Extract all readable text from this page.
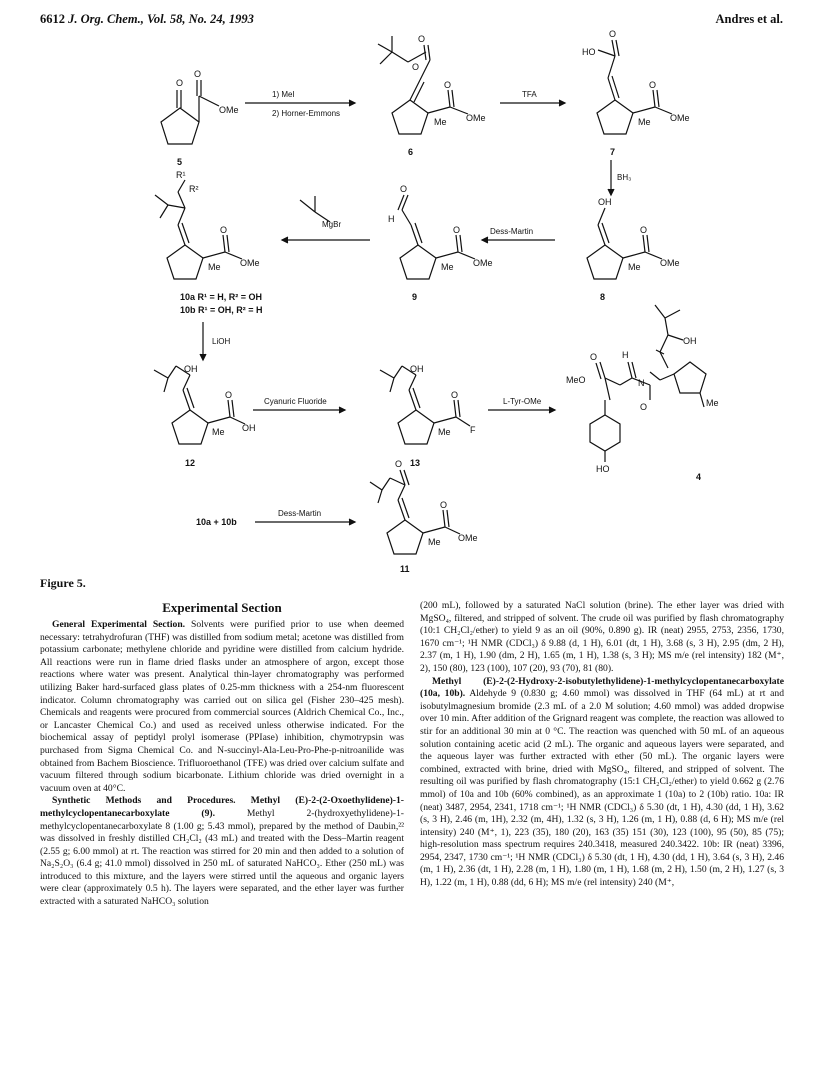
6612 J. Org. Chem., Vol. 58, No. 24, 1993	Andres et al.
O
O
OMe
O
O
O
OMe
Me
HO
O
O
OMe
Me
OH
O
OMe
Me
O
H
O
OMe
Me
R¹
R²
O
OMe
Me
OH
O
OH
Me
OH
O
F
Me
OH
H
N
O	Me
MeO
O
HO
O
O
OMe
Me
1) MeI
2) Horner-Emmons
TFA
BH₃
Dess-Martin
MgBr
LiOH
Cyanuric Fluoride	L-Tyr-OMe
Dess-Martin
10a + 10b
5
6	7
8
9
10a R¹ = H, R² = OH
10b R¹ = OH, R² = H
12	13
4
11
Figure 5.
Experimental Section

General Experimental Section. Solvents were purified prior to use when deemed necessary: tetrahydrofuran (THF) was distilled from sodium metal; acetone was distilled from potassium carbonate; methylene chloride and pyridine were distilled from calcium hydride. All reactions were run in flame dried flasks under an atmosphere of argon, except those reactions where water was present. Analytical thin-layer chromatography was performed utilizing Baker hard-surfaced glass plates of 0.25-mm thickness with a 254-nm fluorescent indicator. Column chromatography was carried out on silica gel (Fisher 230–425 mesh). Chemicals and reagents were procured from commercial sources (Aldrich Chemical Co., Inc., or Lancaster Chemical Co.) and used as received unless otherwise indicated. For the biochemical assay of peptidyl prolyl isomerase (PPIase) inhibition, chymotrypsin was purchased from Sigma Chemical Co. and N-succinyl-Ala-Leu-Pro-Phe-p-nitroanilide was obtained from Bachem Bioscience. Trifluoroethanol (TFE) was dried over calcium sulfate and vacuum filtered through sodium bicarbonate. Lithium chloride was dried overnight in a vacuum oven at 40°C.

Synthetic Methods and Procedures. Methyl (E)-2-(2-Oxoethylidene)-1-methylcyclopentanecarboxylate (9). Methyl 2-(hydroxyethylidene)-1-methylcyclopentanecarboxylate 8 (1.00 g; 5.43 mmol), prepared by the method of Daubin,²² was dissolved in freshly distilled CH₂Cl₂ (43 mL) and treated with the Dess–Martin reagent (2.55 g; 6.00 mmol) at rt. The reaction was stirred for 20 min and then added to a solution of Na₂S₂O₃ (6.4 g; 41.0 mmol) dissolved in 250 mL of saturated NaHCO₃. Ether (250 mL) was introduced to this mixture, and the layers were stirred until the aqueous and organic layers were clear (approximately 0.5 h). The layers were separated, and the ether layer was further extracted with a saturated NaHCO₃ solution

(200 mL), followed by a saturated NaCl solution (brine). The ether layer was dried with MgSO₄, filtered, and stripped of solvent. The crude oil was purified by flash chromatography (10:1 CH₂Cl₂/ether) to yield 9 as an oil (90%, 0.890 g). IR (neat) 2955, 2753, 2356, 1730, 1670 cm⁻¹; ¹H NMR (CDCl₃) δ 9.88 (d, 1 H), 6.01 (dt, 1 H), 3.68 (s, 3 H), 2.95 (dm, 2 H), 2.37 (m, 1 H), 1.90 (dm, 2 H), 1.65 (m, 1 H), 1.38 (s, 3 H); MS m/e (rel intensity) 182 (M⁺, 2), 150 (80), 123 (100), 107 (20), 93 (70), 81 (80).

Methyl (E)-2-(2-Hydroxy-2-isobutylethylidene)-1-methylcyclopentanecarboxylate (10a, 10b). Aldehyde 9 (0.830 g; 4.60 mmol) was dissolved in THF (64 mL) at rt and isobutylmagnesium bromide (2.3 mL of a 2.0 M solution; 4.60 mmol) was added dropwise over 10 min. After addition of the Grignard reagent was complete, the reaction was allowed to stir for an additional 30 min at 0 °C. The reaction was quenched with 50 mL of an aqueous solution containing acetic acid (2 mL). The organic and aqueous layers were separated, and the aqueous layer was further extracted with ether (50 mL). The organic layers were combined, extracted with brine, dried with MgSO₄, filtered, and stripped of solvent. The resulting oil was purified by flash chromatography (15:1 CH₂Cl₂/ether) to yield 0.662 g (2.76 mmol) of 10a and 10b (60% combined), as an approximate 1 (10a) to 2 (10b) ratio. 10a: IR (neat) 3487, 2954, 2341, 1718 cm⁻¹; ¹H NMR (CDCl₃) δ 5.30 (dt, 1 H), 4.30 (dd, 1 H), 3.62 (s, 3 H), 2.46 (m, 1H), 2.32 (m, 4H), 1.32 (s, 3 H), 1.26 (m, 1 H), 0.88 (d, 6 H); MS m/e (rel intensity) 240 (M⁺, 1), 223 (35), 180 (20), 163 (35) 151 (30), 123 (100), 95 (50), 85 (75); high-resolution mass spectrum requires 240.3418, measured 240.3422. 10b: IR (neat) 3396, 2954, 2347, 1730 cm⁻¹; ¹H NMR (CDCl₃) δ 5.30 (dt, 1 H), 4.30 (dd, 1 H), 3.64 (s, 3 H), 2.46 (m, 1 H), 2.36 (dt, 1 H), 2.28 (m, 1 H), 1.80 (m, 1 H), 1.68 (m, 2 H), 1.50 (m, 2 H), 1.27 (s, 3 H), 1.22 (m, 1 H), 0.88 (dd, 6 H); MS m/e (rel intensity) 240 (M⁺,
